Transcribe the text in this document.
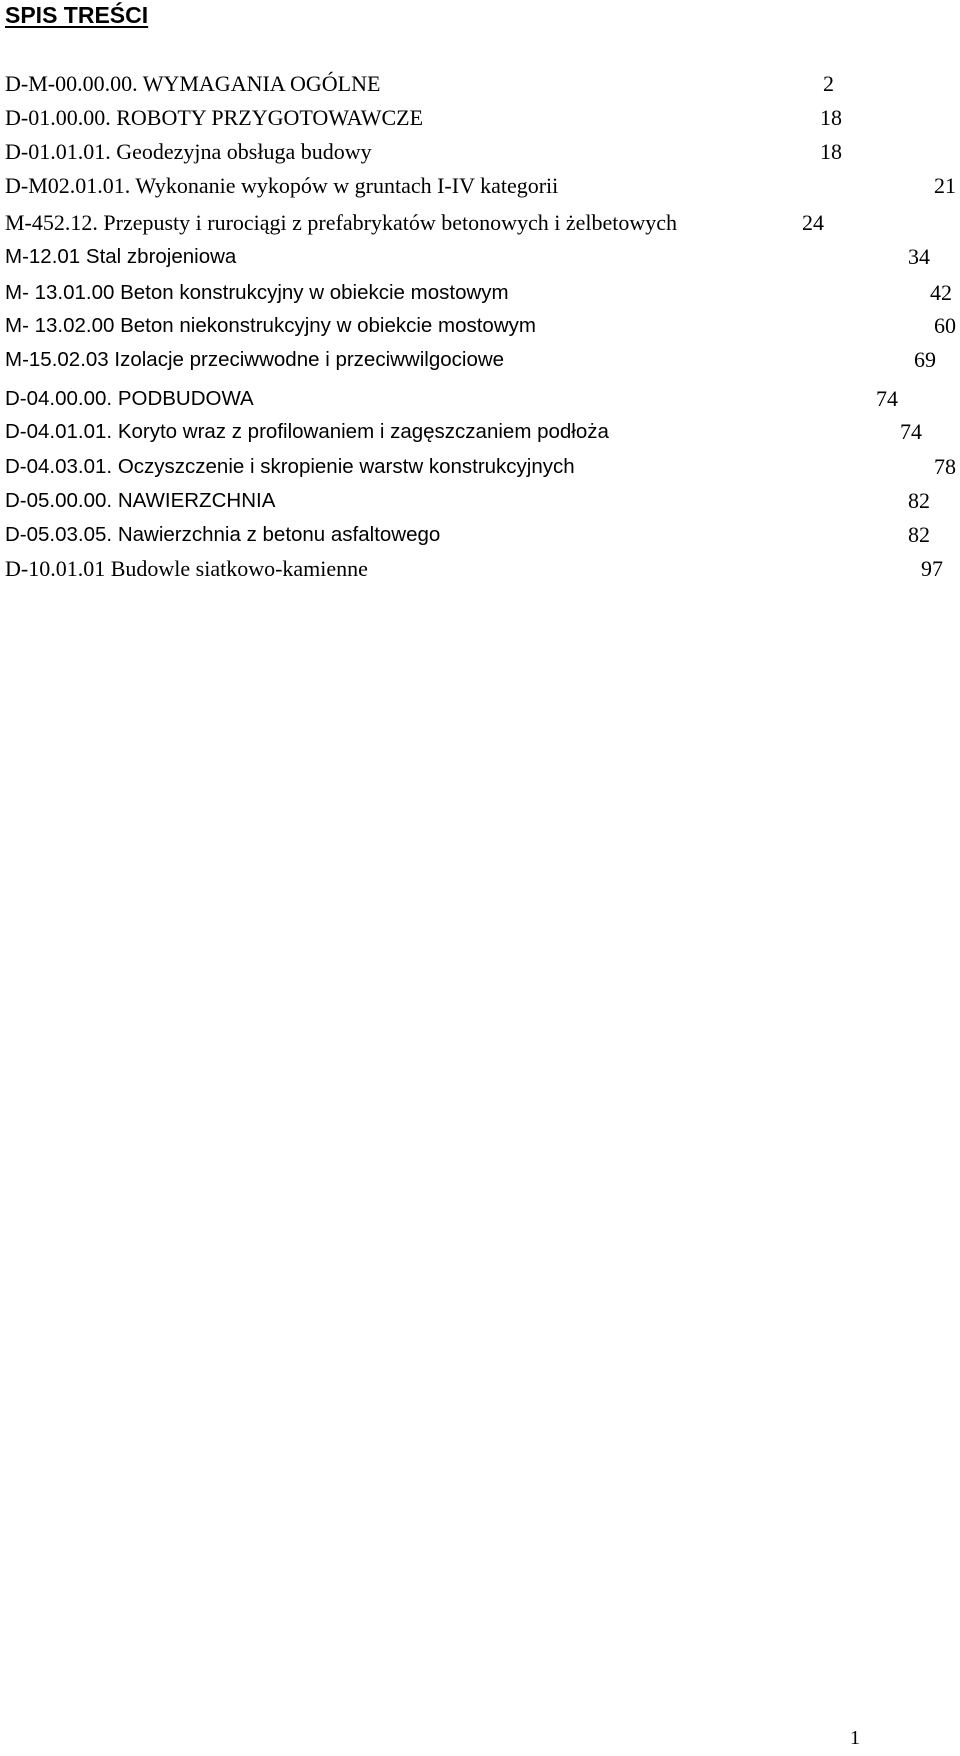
SPIS TREŚCI
D-M-00.00.00. WYMAGANIA OGÓLNE	2
D-01.00.00. ROBOTY PRZYGOTOWAWCZE	18
D-01.01.01. Geodezyjna obsługa budowy	18
D-M02.01.01. Wykonanie wykopów w gruntach I-IV kategorii	21
M-452.12. Przepusty i rurociągi z prefabrykatów betonowych i żelbetowych	24
M-12.01 Stal zbrojeniowa	34
M- 13.01.00 Beton konstrukcyjny w obiekcie mostowym	42
M- 13.02.00 Beton niekonstrukcyjny w obiekcie mostowym	60
M-15.02.03 Izolacje przeciwwodne i przeciwwilgociowe	69
D-04.00.00. PODBUDOWA	74
D-04.01.01. Koryto wraz z profilowaniem i zagęszczaniem podłoża	74
D-04.03.01. Oczyszczenie i skropienie warstw konstrukcyjnych	78
D-05.00.00. NAWIERZCHNIA	82
D-05.03.05. Nawierzchnia z betonu asfaltowego	82
D-10.01.01 Budowle siatkowo-kamienne	97
1
